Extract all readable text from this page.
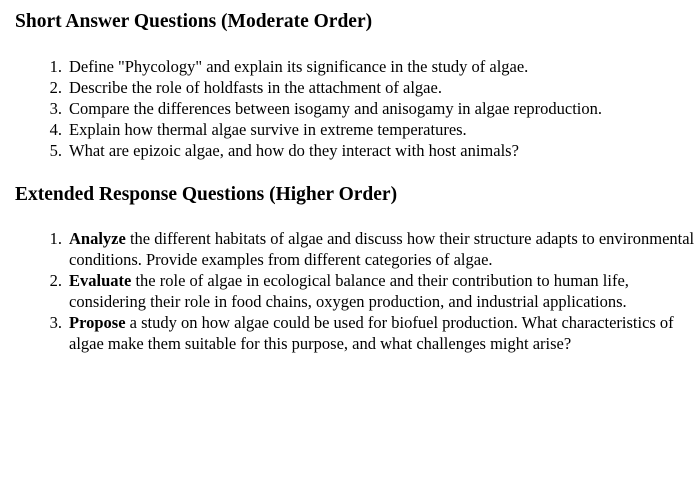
Short Answer Questions (Moderate Order)
Define "Phycology" and explain its significance in the study of algae.
Describe the role of holdfasts in the attachment of algae.
Compare the differences between isogamy and anisogamy in algae reproduction.
Explain how thermal algae survive in extreme temperatures.
What are epizoic algae, and how do they interact with host animals?
Extended Response Questions (Higher Order)
Analyze the different habitats of algae and discuss how their structure adapts to environmental conditions. Provide examples from different categories of algae.
Evaluate the role of algae in ecological balance and their contribution to human life, considering their role in food chains, oxygen production, and industrial applications.
Propose a study on how algae could be used for biofuel production. What characteristics of algae make them suitable for this purpose, and what challenges might arise?
